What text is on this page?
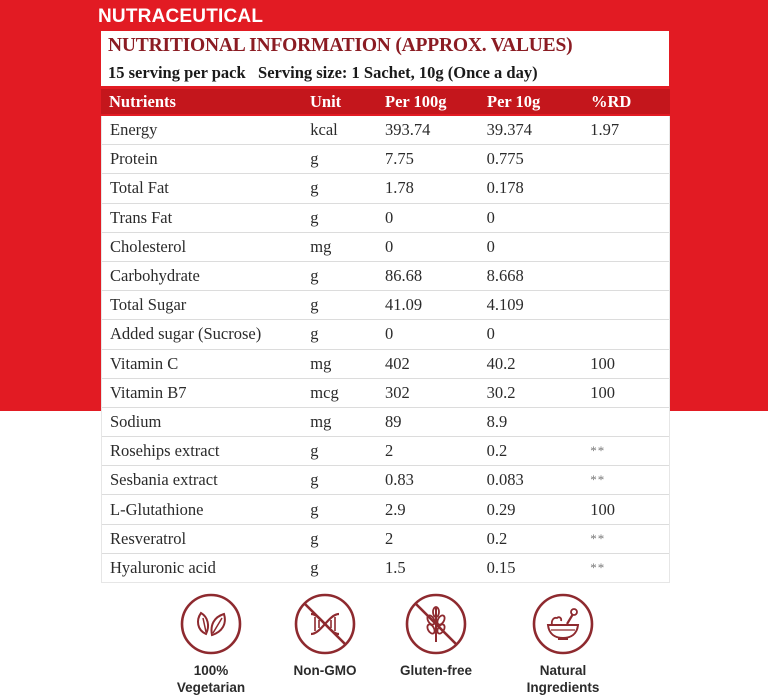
NUTRACEUTICAL
NUTRITIONAL INFORMATION (APPROX. VALUES)
15 serving per pack Serving size: 1 Sachet, 10g (Once a day)
Nutrients	Unit	Per 100g	Per 10g	%RD
Energy	kcal	393.74	39.374	1.97
Protein	g	7.75	0.775
Total Fat	g	1.78	0.178
Trans Fat	g	0	0
Cholesterol	mg	0	0
Carbohydrate	g	86.68	8.668
Total Sugar	g	41.09	4.109
Added sugar (Sucrose)	g	0	0
Vitamin C	mg	402	40.2	100
Vitamin B7	mcg	302	30.2	100
Sodium	mg	89	8.9
Rosehips extract	g	2	0.2	**
Sesbania extract	g	0.83	0.083	**
L-Glutathione	g	2.9	0.29	100
Resveratrol	g	2	0.2	**
Hyaluronic acid	g	1.5	0.15	**
100%
Vegetarian
Non-GMO	Gluten-free	Natural
Ingredients
